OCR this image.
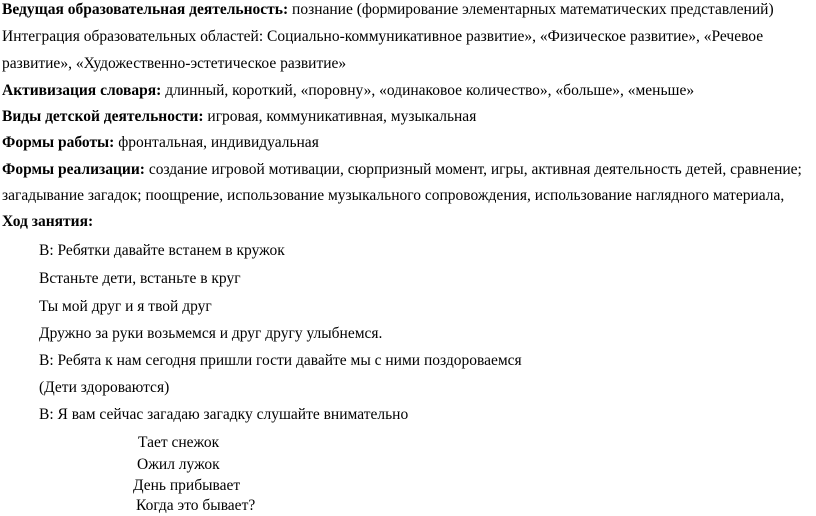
Ведущая образовательная деятельность: познание (формирование элементарных математических представлений)
Интеграция образовательных областей: Социально-коммуникативное развитие», «Физическое развитие», «Речевое
развитие», «Художественно-эстетическое развитие»
Активизация словаря: длинный, короткий, «поровну», «одинаковое количество», «больше», «меньше»
Виды детской деятельности: игровая, коммуникативная, музыкальная
Формы работы: фронтальная, индивидуальная
Формы реализации: создание игровой мотивации, сюрпризный момент, игры, активная деятельность детей, сравнение;
загадывание загадок; поощрение, использование музыкального сопровождения, использование наглядного материала,
Ход занятия:
В: Ребятки давайте встанем в кружок
Встаньте дети, встаньте в круг
Ты мой друг и я твой друг
Дружно за руки возьмемся и друг другу улыбнемся.
В: Ребята к нам сегодня пришли гости давайте мы с ними поздороваемся
(Дети здороваются)
В: Я вам сейчас загадаю загадку слушайте внимательно
Тает снежок
Ожил лужок
День прибывает
Когда это бывает?
